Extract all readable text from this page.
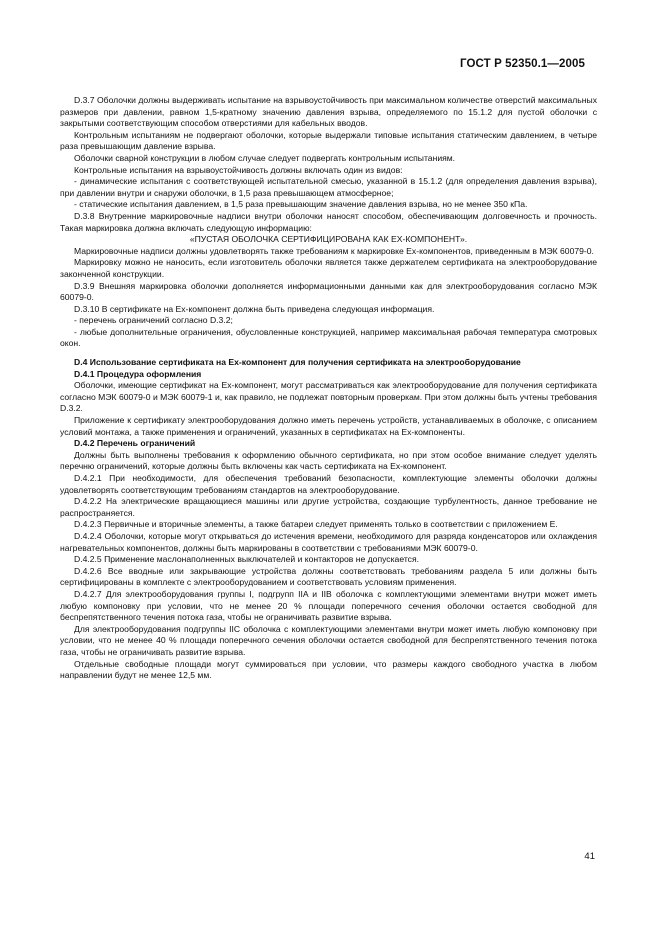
ГОСТ Р 52350.1—2005

D.3.7 Оболочки должны выдерживать испытание на взрывоустойчивость при максимальном количестве отверстий максимальных размеров при давлении, равном 1,5-кратному значению давления взрыва, определяемого по 15.1.2 для пустой оболочки с закрытыми соответствующим способом отверстиями для кабельных вводов.

Контрольным испытаниям не подвергают оболочки, которые выдержали типовые испытания статическим давлением, в четыре раза превышающим давление взрыва.

Оболочки сварной конструкции в любом случае следует подвергать контрольным испытаниям.

Контрольные испытания на взрывоустойчивость должны включать один из видов:

- динамические испытания с соответствующей испытательной смесью, указанной в 15.1.2 (для определения давления взрыва), при давлении внутри и снаружи оболочки, в 1,5 раза превышающем атмосферное;

- статические испытания давлением, в 1,5 раза превышающим значение давления взрыва, но не менее 350 кПа.

D.3.8 Внутренние маркировочные надписи внутри оболочки наносят способом, обеспечивающим долговечность и прочность. Такая маркировка должна включать следующую информацию:

«ПУСТАЯ ОБОЛОЧКА СЕРТИФИЦИРОВАНА КАК ЕХ-КОМПОНЕНТ».

Маркировочные надписи должны удовлетворять также требованиям к маркировке Ех-компонентов, приведенным в МЭК 60079-0.

Маркировку можно не наносить, если изготовитель оболочки является также держателем сертификата на электрооборудование законченной конструкции.

D.3.9 Внешняя маркировка оболочки дополняется информационными данными как для электрооборудования согласно МЭК 60079-0.

D.3.10 В сертификате на Ех-компонент должна быть приведена следующая информация.

- перечень ограничений согласно D.3.2;

- любые дополнительные ограничения, обусловленные конструкцией, например максимальная рабочая температура смотровых окон.

D.4 Использование сертификата на Ех-компонент для получения сертификата на электрооборудование

D.4.1 Процедура оформления

Оболочки, имеющие сертификат на Ех-компонент, могут рассматриваться как электрооборудование для получения сертификата согласно МЭК 60079-0 и МЭК 60079-1 и, как правило, не подлежат повторным проверкам. При этом должны быть учтены требования D.3.2.

Приложение к сертификату электрооборудования должно иметь перечень устройств, устанавливаемых в оболочке, с описанием условий монтажа, а также применения и ограничений, указанных в сертификатах на Ех-компоненты.

D.4.2 Перечень ограничений

Должны быть выполнены требования к оформлению обычного сертификата, но при этом особое внимание следует уделять перечню ограничений, которые должны быть включены как часть сертификата на Ех-компонент.

D.4.2.1 При необходимости, для обеспечения требований безопасности, комплектующие элементы оболочки должны удовлетворять соответствующим требованиям стандартов на электрооборудование.

D.4.2.2 На электрические вращающиеся машины или другие устройства, создающие турбулентность, данное требование не распространяется.

D.4.2.3 Первичные и вторичные элементы, а также батареи следует применять только в соответствии с приложением Е.

D.4.2.4 Оболочки, которые могут открываться до истечения времени, необходимого для разряда конденсаторов или охлаждения нагревательных компонентов, должны быть маркированы в соответствии с требованиями МЭК 60079-0.

D.4.2.5 Применение маслонаполненных выключателей и контакторов не допускается.

D.4.2.6 Все вводные или закрывающие устройства должны соответствовать требованиям раздела 5 или должны быть сертифицированы в комплекте с электрооборудованием и соответствовать условиям применения.

D.4.2.7 Для электрооборудования группы I, подгрупп IIA и IIB оболочка с комплектующими элементами внутри может иметь любую компоновку при условии, что не менее 20 % площади поперечного сечения оболочки остается свободной для беспрепятственного течения потока газа, чтобы не ограничивать развитие взрыва.

Для электрооборудования подгруппы IIC оболочка с комплектующими элементами внутри может иметь любую компоновку при условии, что не менее 40 % площади поперечного сечения оболочки остается свободной для беспрепятственного течения потока газа, чтобы не ограничивать развитие взрыва.

Отдельные свободные площади могут суммироваться при условии, что размеры каждого свободного участка в любом направлении будут не менее 12,5 мм.

41
